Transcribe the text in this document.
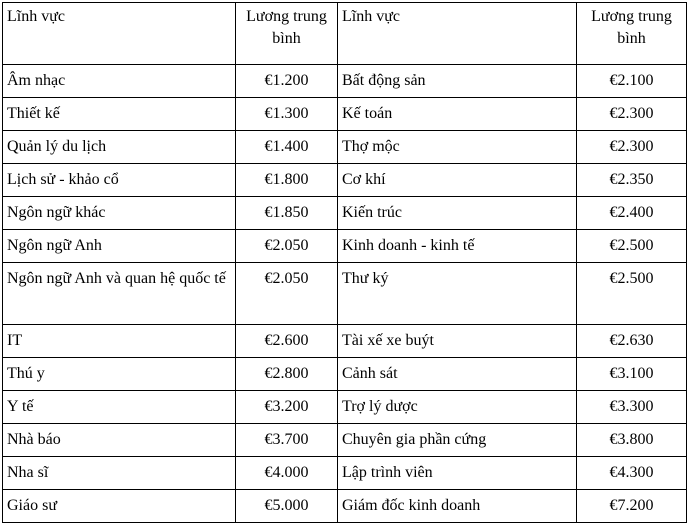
Lĩnh vực	Lương trung bình	Lĩnh vực	Lương trung bình
Âm nhạc	€1.200	Bất động sản	€2.100
Thiết kế	€1.300	Kế toán	€2.300
Quản lý du lịch	€1.400	Thợ mộc	€2.300
Lịch sử - khảo cổ	€1.800	Cơ khí	€2.350
Ngôn ngữ khác	€1.850	Kiến trúc	€2.400
Ngôn ngữ Anh	€2.050	Kinh doanh - kinh tế	€2.500
Ngôn ngữ Anh và quan hệ quốc tế	€2.050	Thư ký	€2.500
IT	€2.600	Tài xế xe buýt	€2.630
Thú y	€2.800	Cảnh sát	€3.100
Y tế	€3.200	Trợ lý dược	€3.300
Nhà báo	€3.700	Chuyên gia phần cứng	€3.800
Nha sĩ	€4.000	Lập trình viên	€4.300
Giáo sư	€5.000	Giám đốc kinh doanh	€7.200
